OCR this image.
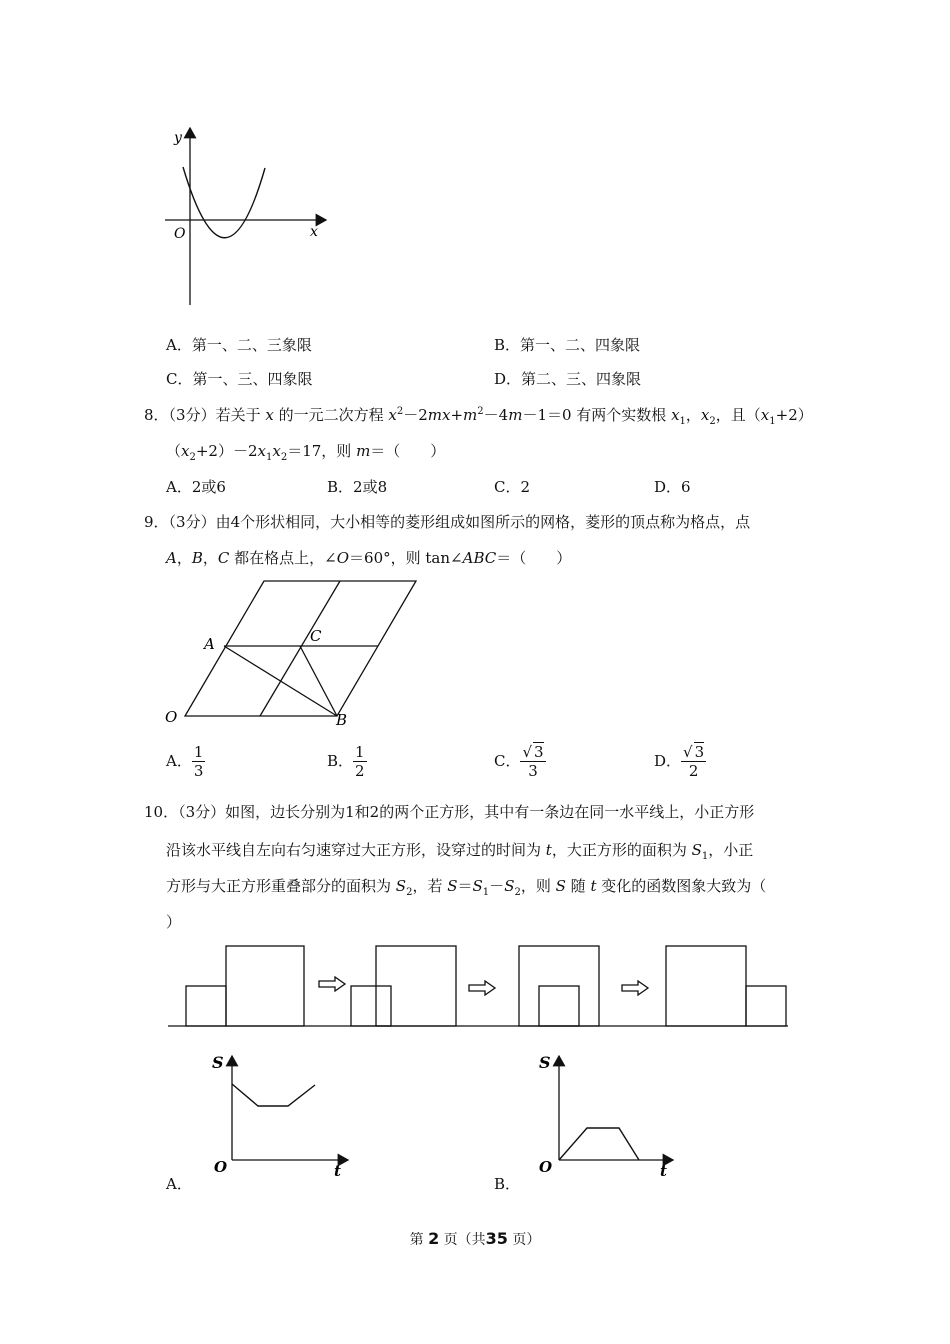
y
x
O
A．第一、二、三象限	B．第一、二、四象限
C．第一、三、四象限	D．第二、三、四象限
8．（3分）若关于 x 的一元二次方程 $x^2-2mx+m^2-4m-1=0$ 有两个实数根 $x_1$，$x_2$，且$(x_1+2)$
$(x_2+2)-2x_1x_2=17$，则 m＝（　　）
A．2或6	B．2或8	C．2	D．6
9．（3分）由4个形状相同，大小相等的菱形组成如图所示的网格，菱形的顶点称为格点，点
A，B，C 都在格点上，∠O＝60°，则 tan∠ABC＝（　　）
A	C
O	B
A． $\frac{1}{3}$	B． $\frac{1}{2}$	C． $\frac{√ 3}{3}$	D． $\frac{√ 3}{2}$
10．（3分）如图，边长分别为1和2的两个正方形，其中有一条边在同一水平线上，小正方形
沿该水平线自左向右匀速穿过大正方形，设穿过的时间为 t，大正方形的面积为 $S_1$，小正
方形与大正方形重叠部分的面积为 $S_2$，若 $S=S_1-S_2$，则 S 随 t 变化的函数图象大致为（
）
S
t
O
A．
S
t
O
B．
第 2 页（共35 页）
